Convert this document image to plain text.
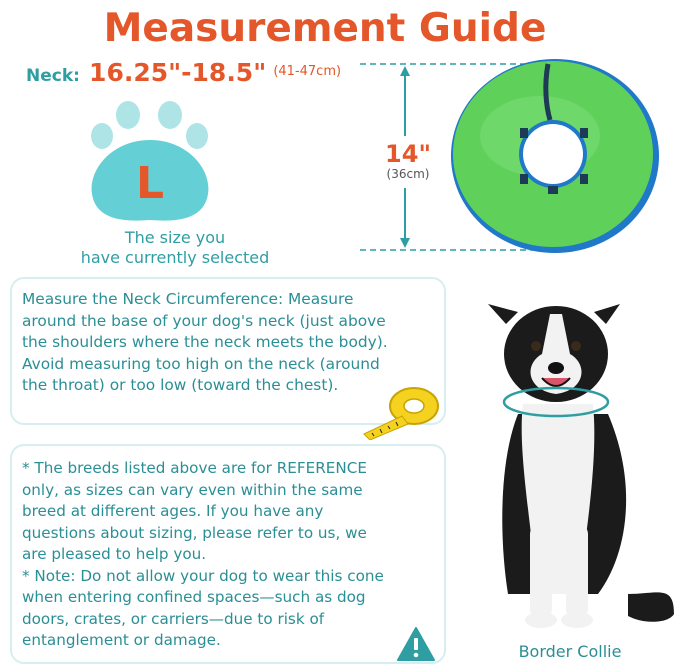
Measurement Guide
Neck: 16.25"-18.5" $^{(41-47cm)}$
L
The size you
have currently selected
14"
(36cm)
Measure the Neck Circumference: Measure
around the base of your dog's neck (just above
the shoulders where the neck meets the body).
Avoid measuring too high on the neck (around
the throat) or too low (toward the chest).
* The breeds listed above are for REFERENCE
only, as sizes can vary even within the same
breed at different ages. If you have any
questions about sizing, please refer to us, we
are pleased to help you.
* Note: Do not allow your dog to wear this cone
when entering confined spaces—such as dog
doors, crates, or carriers—due to risk of
entanglement or damage.
Border Collie
